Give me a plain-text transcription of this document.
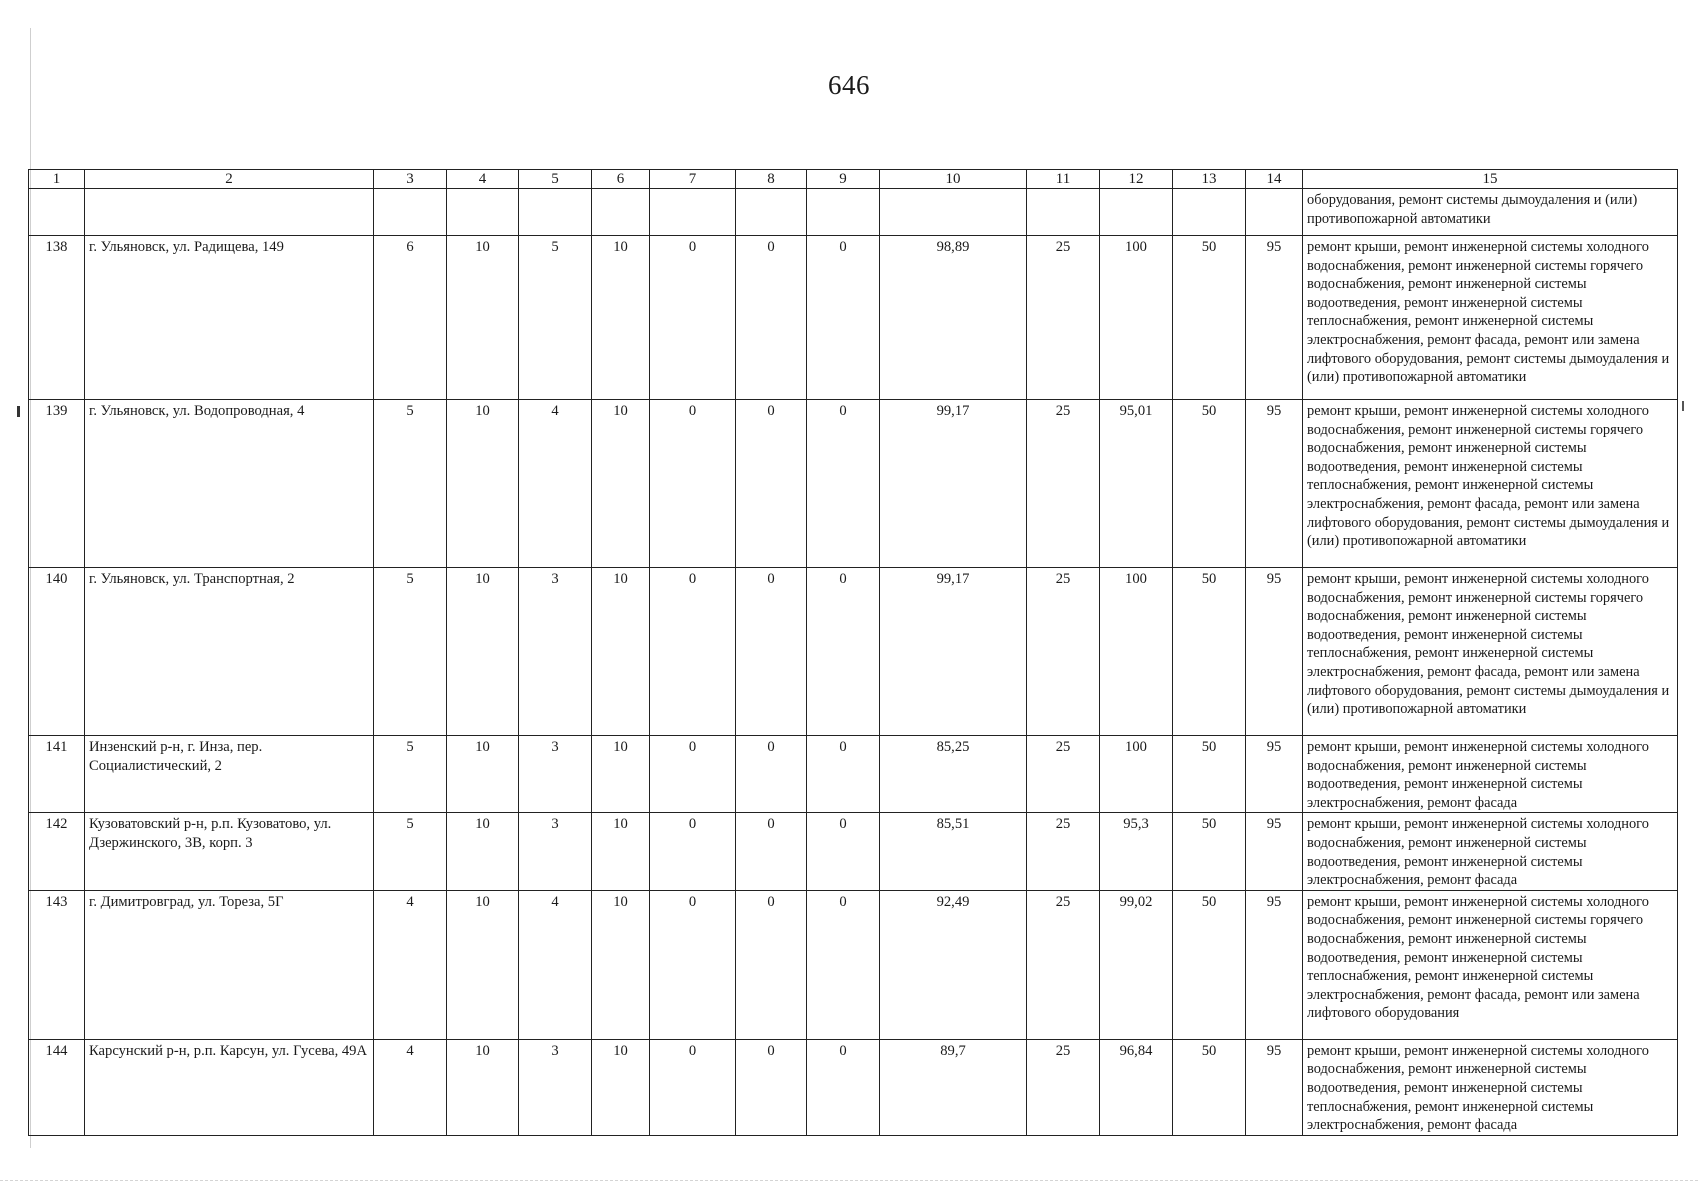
646
1	2	3	4	5	6	7	8	9	10	11	12	13	14	15
														оборудования, ремонт системы дымоудаления и (или) противопожарной автоматики
138	г. Ульяновск, ул. Радищева, 149	6	10	5	10	0	0	0	98,89	25	100	50	95	ремонт крыши, ремонт инженерной системы холодного водоснабжения, ремонт инженерной системы горячего водоснабжения, ремонт инженерной системы водоотведения, ремонт инженерной системы теплоснабжения, ремонт инженерной системы электроснабжения, ремонт фасада, ремонт или замена лифтового оборудования, ремонт системы дымоудаления и (или) противопожарной автоматики
139	г. Ульяновск, ул. Водопроводная, 4	5	10	4	10	0	0	0	99,17	25	95,01	50	95	ремонт крыши, ремонт инженерной системы холодного водоснабжения, ремонт инженерной системы горячего водоснабжения, ремонт инженерной системы водоотведения, ремонт инженерной системы теплоснабжения, ремонт инженерной системы электроснабжения, ремонт фасада, ремонт или замена лифтового оборудования, ремонт системы дымоудаления и (или) противопожарной автоматики
140	г. Ульяновск, ул. Транспортная, 2	5	10	3	10	0	0	0	99,17	25	100	50	95	ремонт крыши, ремонт инженерной системы холодного водоснабжения, ремонт инженерной системы горячего водоснабжения, ремонт инженерной системы водоотведения, ремонт инженерной системы теплоснабжения, ремонт инженерной системы электроснабжения, ремонт фасада, ремонт или замена лифтового оборудования, ремонт системы дымоудаления и (или) противопожарной автоматики
141	Инзенский р-н, г. Инза, пер. Социалистический, 2	5	10	3	10	0	0	0	85,25	25	100	50	95	ремонт крыши, ремонт инженерной системы холодного водоснабжения, ремонт инженерной системы водоотведения, ремонт инженерной системы электроснабжения, ремонт фасада
142	Кузоватовский р-н, р.п. Кузоватово, ул. Дзержинского, 3В, корп. 3	5	10	3	10	0	0	0	85,51	25	95,3	50	95	ремонт крыши, ремонт инженерной системы холодного водоснабжения, ремонт инженерной системы водоотведения, ремонт инженерной системы электроснабжения, ремонт фасада
143	г. Димитровград, ул. Тореза, 5Г	4	10	4	10	0	0	0	92,49	25	99,02	50	95	ремонт крыши, ремонт инженерной системы холодного водоснабжения, ремонт инженерной системы горячего водоснабжения, ремонт инженерной системы водоотведения, ремонт инженерной системы теплоснабжения, ремонт инженерной системы электроснабжения, ремонт фасада, ремонт или замена лифтового оборудования
144	Карсунский р-н, р.п. Карсун, ул. Гусева, 49А	4	10	3	10	0	0	0	89,7	25	96,84	50	95	ремонт крыши, ремонт инженерной системы холодного водоснабжения, ремонт инженерной системы водоотведения, ремонт инженерной системы теплоснабжения, ремонт инженерной системы электроснабжения, ремонт фасада
